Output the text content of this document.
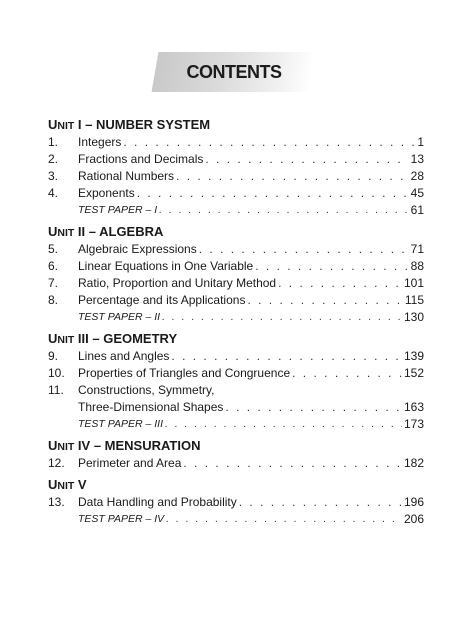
CONTENTS
UNIT I – NUMBER SYSTEM
1.	Integers . . .	1
2.	Fractions and Decimals . . .	13
3.	Rational Numbers . . .	28
4.	Exponents . . .	45
TEST PAPER – I . . .	61
UNIT II – ALGEBRA
5.	Algebraic Expressions . . .	71
6.	Linear Equations in One Variable . . .	88
7.	Ratio, Proportion and Unitary Method . . .	101
8.	Percentage and its Applications . . .	115
TEST PAPER – II . . .	130
UNIT III – GEOMETRY
9.	Lines and Angles . . .	139
10.	Properties of Triangles and Congruence . . .	152
11.	Constructions, Symmetry,
Three-Dimensional Shapes . . .	163
TEST PAPER – III . . .	173
UNIT IV – MENSURATION
12.	Perimeter and Area . . .	182
UNIT V
13.	Data Handling and Probability . . .	196
TEST PAPER – IV . . .	206
